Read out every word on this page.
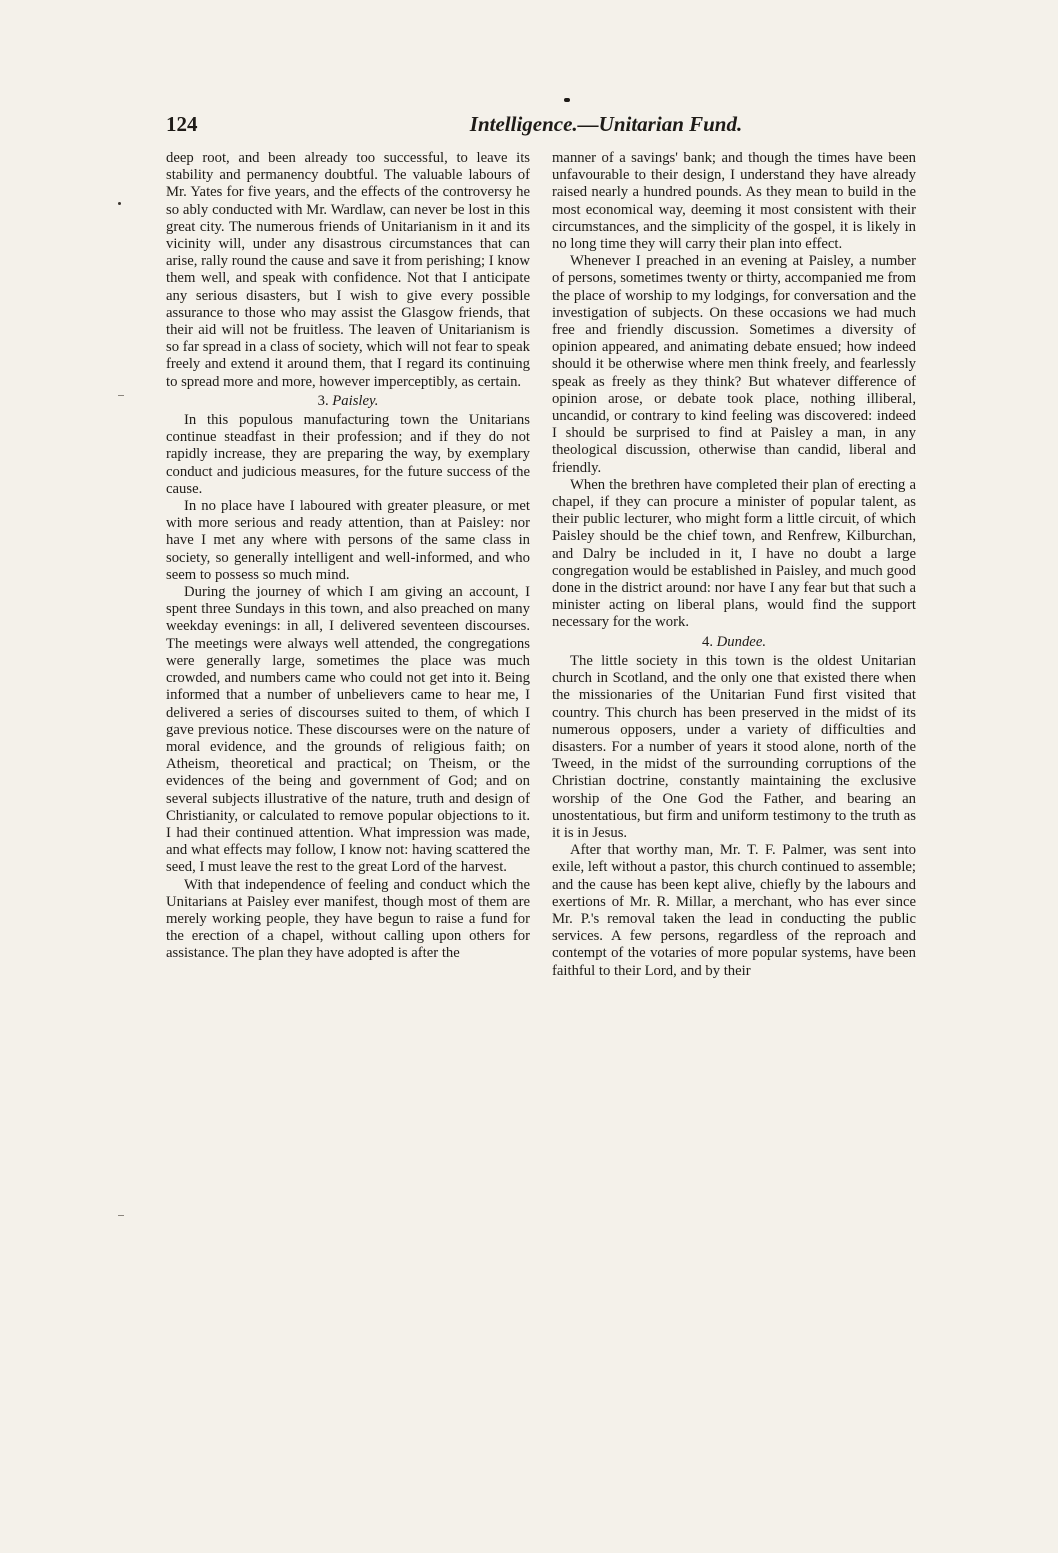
124	Intelligence.—Unitarian Fund.

deep root, and been already too successful, to leave its stability and permanency doubtful. The valuable labours of Mr. Yates for five years, and the effects of the controversy he so ably conducted with Mr. Wardlaw, can never be lost in this great city. The numerous friends of Unitarianism in it and its vicinity will, under any disastrous circumstances that can arise, rally round the cause and save it from perishing; I know them well, and speak with confidence. Not that I anticipate any serious disasters, but I wish to give every possible assurance to those who may assist the Glasgow friends, that their aid will not be fruitless. The leaven of Unitarianism is so far spread in a class of society, which will not fear to speak freely and extend it around them, that I regard its continuing to spread more and more, however imperceptibly, as certain.

3. Paisley.

In this populous manufacturing town the Unitarians continue steadfast in their profession; and if they do not rapidly increase, they are preparing the way, by exemplary conduct and judicious measures, for the future success of the cause.

In no place have I laboured with greater pleasure, or met with more serious and ready attention, than at Paisley: nor have I met any where with persons of the same class in society, so generally intelligent and well-informed, and who seem to possess so much mind.

During the journey of which I am giving an account, I spent three Sundays in this town, and also preached on many weekday evenings: in all, I delivered seventeen discourses. The meetings were always well attended, the congregations were generally large, sometimes the place was much crowded, and numbers came who could not get into it. Being informed that a number of unbelievers came to hear me, I delivered a series of discourses suited to them, of which I gave previous notice. These discourses were on the nature of moral evidence, and the grounds of religious faith; on Atheism, theoretical and practical; on Theism, or the evidences of the being and government of God; and on several subjects illustrative of the nature, truth and design of Christianity, or calculated to remove popular objections to it. I had their continued attention. What impression was made, and what effects may follow, I know not: having scattered the seed, I must leave the rest to the great Lord of the harvest.

With that independence of feeling and conduct which the Unitarians at Paisley ever manifest, though most of them are merely working people, they have begun to raise a fund for the erection of a chapel, without calling upon others for assistance. The plan they have adopted is after the

manner of a savings' bank; and though the times have been unfavourable to their design, I understand they have already raised nearly a hundred pounds. As they mean to build in the most economical way, deeming it most consistent with their circumstances, and the simplicity of the gospel, it is likely in no long time they will carry their plan into effect.

Whenever I preached in an evening at Paisley, a number of persons, sometimes twenty or thirty, accompanied me from the place of worship to my lodgings, for conversation and the investigation of subjects. On these occasions we had much free and friendly discussion. Sometimes a diversity of opinion appeared, and animating debate ensued; how indeed should it be otherwise where men think freely, and fearlessly speak as freely as they think? But whatever difference of opinion arose, or debate took place, nothing illiberal, uncandid, or contrary to kind feeling was discovered: indeed I should be surprised to find at Paisley a man, in any theological discussion, otherwise than candid, liberal and friendly.

When the brethren have completed their plan of erecting a chapel, if they can procure a minister of popular talent, as their public lecturer, who might form a little circuit, of which Paisley should be the chief town, and Renfrew, Kilburchan, and Dalry be included in it, I have no doubt a large congregation would be established in Paisley, and much good done in the district around: nor have I any fear but that such a minister acting on liberal plans, would find the support necessary for the work.

4. Dundee.

The little society in this town is the oldest Unitarian church in Scotland, and the only one that existed there when the missionaries of the Unitarian Fund first visited that country. This church has been preserved in the midst of its numerous opposers, under a variety of difficulties and disasters. For a number of years it stood alone, north of the Tweed, in the midst of the surrounding corruptions of the Christian doctrine, constantly maintaining the exclusive worship of the One God the Father, and bearing an unostentatious, but firm and uniform testimony to the truth as it is in Jesus.

After that worthy man, Mr. T. F. Palmer, was sent into exile, left without a pastor, this church continued to assemble; and the cause has been kept alive, chiefly by the labours and exertions of Mr. R. Millar, a merchant, who has ever since Mr. P.'s removal taken the lead in conducting the public services. A few persons, regardless of the reproach and contempt of the votaries of more popular systems, have been faithful to their Lord, and by their
